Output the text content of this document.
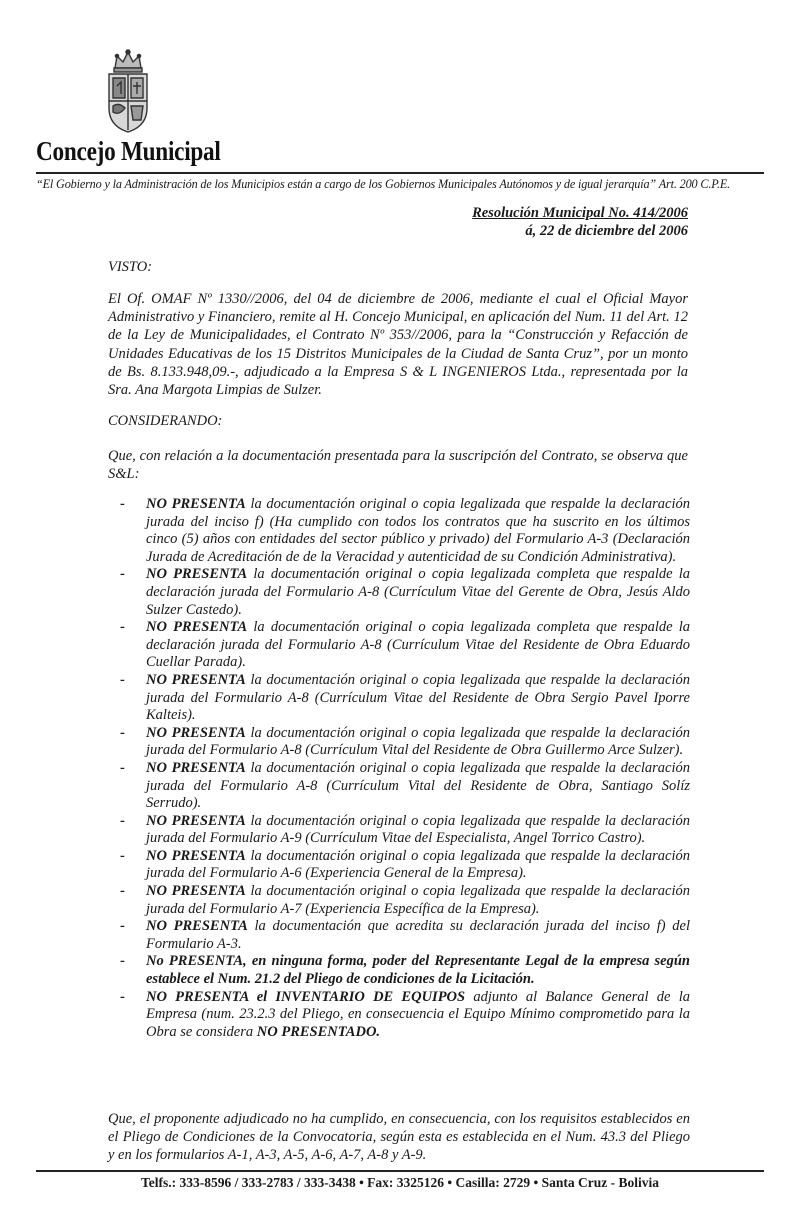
Concejo Municipal
“El Gobierno y la Administración de los Municipios están a cargo de los Gobiernos Municipales Autónomos y de igual jerarquía” Art. 200 C.P.E.
Resolución Municipal No. 414/2006
á, 22 de diciembre del 2006
VISTO:
El Of. OMAF Nº 1330//2006, del 04 de diciembre de 2006, mediante el cual el Oficial Mayor Administrativo y Financiero, remite al H. Concejo Municipal, en aplicación del Num. 11 del Art. 12 de la Ley de Municipalidades, el Contrato Nº 353//2006, para la “Construcción y Refacción de Unidades Educativas de los 15 Distritos Municipales de la Ciudad de Santa Cruz”, por un monto de Bs. 8.133.948,09.-, adjudicado a la Empresa S & L INGENIEROS Ltda., representada por la Sra. Ana Margota Limpias de Sulzer.
CONSIDERANDO:
Que, con relación a la documentación presentada para la suscripción del Contrato, se observa que S&L:
- NO PRESENTA la documentación original o copia legalizada que respalde la declaración jurada del inciso f) (Ha cumplido con todos los contratos que ha suscrito en los últimos cinco (5) años con entidades del sector público y privado) del Formulario A-3 (Declaración Jurada de Acreditación de de la Veracidad y autenticidad de su Condición Administrativa).
- NO PRESENTA la documentación original o copia legalizada completa que respalde la declaración jurada del Formulario A-8 (Currículum Vitae del Gerente de Obra, Jesús Aldo Sulzer Castedo).
- NO PRESENTA la documentación original o copia legalizada completa que respalde la declaración jurada del Formulario A-8 (Currículum Vitae del Residente de Obra Eduardo Cuellar Parada).
- NO PRESENTA la documentación original o copia legalizada que respalde la declaración jurada del Formulario A-8 (Currículum Vitae del Residente de Obra Sergio Pavel Iporre Kalteis).
- NO PRESENTA la documentación original o copia legalizada que respalde la declaración jurada del Formulario A-8 (Currículum Vital del Residente de Obra Guillermo Arce Sulzer).
- NO PRESENTA la documentación original o copia legalizada que respalde la declaración jurada del Formulario A-8 (Currículum Vital del Residente de Obra, Santiago Solíz Serrudo).
- NO PRESENTA la documentación original o copia legalizada que respalde la declaración jurada del Formulario A-9 (Currículum Vitae del Especialista, Angel Torrico Castro).
- NO PRESENTA la documentación original o copia legalizada que respalde la declaración jurada del Formulario A-6 (Experiencia General de la Empresa).
- NO PRESENTA la documentación original o copia legalizada que respalde la declaración jurada del Formulario A-7 (Experiencia Específica de la Empresa).
- NO PRESENTA la documentación que acredita su declaración jurada del inciso f) del Formulario A-3.
- No PRESENTA, en ninguna forma, poder del Representante Legal de la empresa según establece el Num. 21.2 del Pliego de condiciones de la Licitación.
- NO PRESENTA el INVENTARIO DE EQUIPOS adjunto al Balance General de la Empresa (num. 23.2.3 del Pliego, en consecuencia el Equipo Mínimo comprometido para la Obra se considera NO PRESENTADO.
Que, el proponente adjudicado no ha cumplido, en consecuencia, con los requisitos establecidos en el Pliego de Condiciones de la Convocatoria, según esta es establecida en el Num. 43.3 del Pliego y en los formularios A-1, A-3, A-5, A-6, A-7, A-8 y A-9.
Telfs.: 333-8596 / 333-2783 / 333-3438 • Fax: 3325126 • Casilla: 2729 • Santa Cruz - Bolivia
